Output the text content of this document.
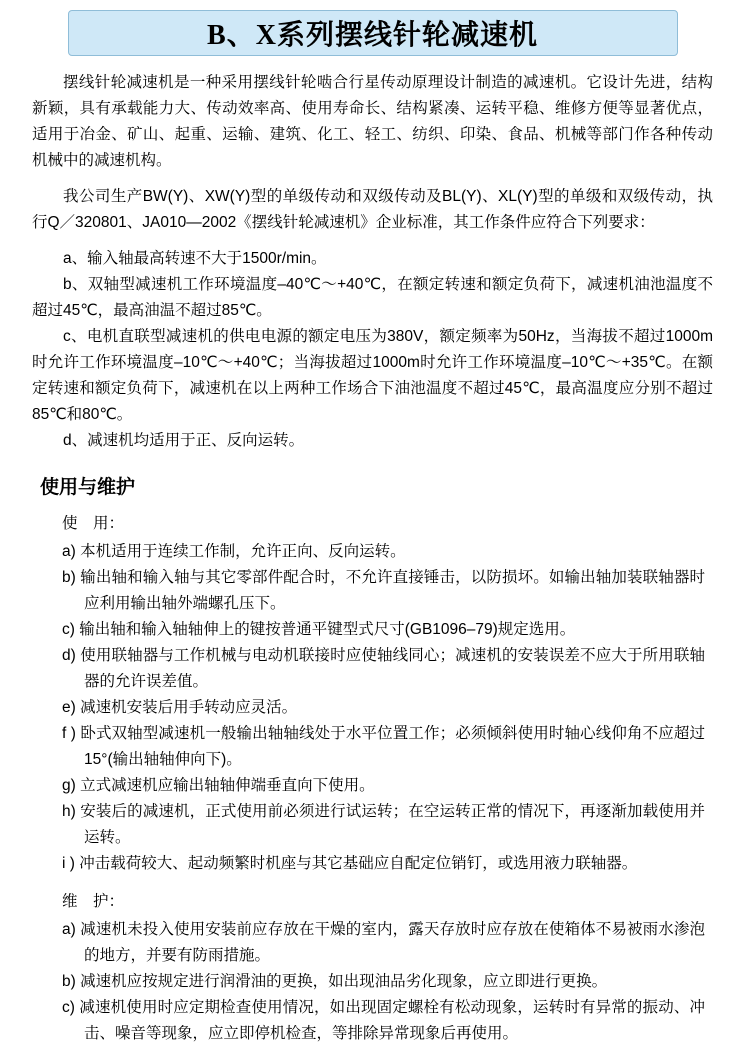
B、X系列摆线针轮减速机

摆线针轮减速机是一种采用摆线针轮啮合行星传动原理设计制造的减速机。它设计先进，结构新颖，具有承载能力大、传动效率高、使用寿命长、结构紧凑、运转平稳、维修方便等显著优点，适用于冶金、矿山、起重、运输、建筑、化工、轻工、纺织、印染、食品、机械等部门作各种传动机械中的减速机构。

我公司生产BW(Y)、XW(Y)型的单级传动和双级传动及BL(Y)、XL(Y)型的单级和双级传动，执行Q／320801、JA010—2002《摆线针轮减速机》企业标准，其工作条件应符合下列要求：

a、输入轴最高转速不大于1500r/min。

b、双轴型减速机工作环境温度–40℃～+40℃，在额定转速和额定负荷下，减速机油池温度不超过45℃，最高油温不超过85℃。

c、电机直联型减速机的供电电源的额定电压为380V，额定频率为50Hz，当海拔不超过1000m时允许工作环境温度–10℃～+40℃；当海拔超过1000m时允许工作环境温度–10℃～+35℃。在额定转速和额定负荷下，减速机在以上两种工作场合下油池温度不超过45℃，最高温度应分别不超过85℃和80℃。

d、减速机均适用于正、反向运转。

使用与维护
使　用：

a) 本机适用于连续工作制，允许正向、反向运转。

b) 输出轴和输入轴与其它零部件配合时，不允许直接锤击，以防损坏。如输出轴加装联轴器时应利用输出轴外端螺孔压下。

c) 输出轴和输入轴轴伸上的键按普通平键型式尺寸(GB1096–79)规定选用。

d) 使用联轴器与工作机械与电动机联接时应使轴线同心；减速机的安装误差不应大于所用联轴器的允许误差值。

e) 减速机安装后用手转动应灵活。

f ) 卧式双轴型减速机一般输出轴轴线处于水平位置工作；必须倾斜使用时轴心线仰角不应超过15°(输出轴轴伸向下)。

g) 立式减速机应输出轴轴伸端垂直向下使用。

h) 安装后的减速机，正式使用前必须进行试运转；在空运转正常的情况下，再逐渐加载使用并运转。

i ) 冲击载荷较大、起动频繁时机座与其它基础应自配定位销钉，或选用液力联轴器。

维　护：

a) 减速机未投入使用安装前应存放在干燥的室内，露天存放时应存放在使箱体不易被雨水渗泡的地方，并要有防雨措施。

b) 减速机应按规定进行润滑油的更换，如出现油品劣化现象，应立即进行更换。

c) 减速机使用时应定期检查使用情况，如出现固定螺栓有松动现象，运转时有异常的振动、冲击、噪音等现象，应立即停机检查，等排除异常现象后再使用。
